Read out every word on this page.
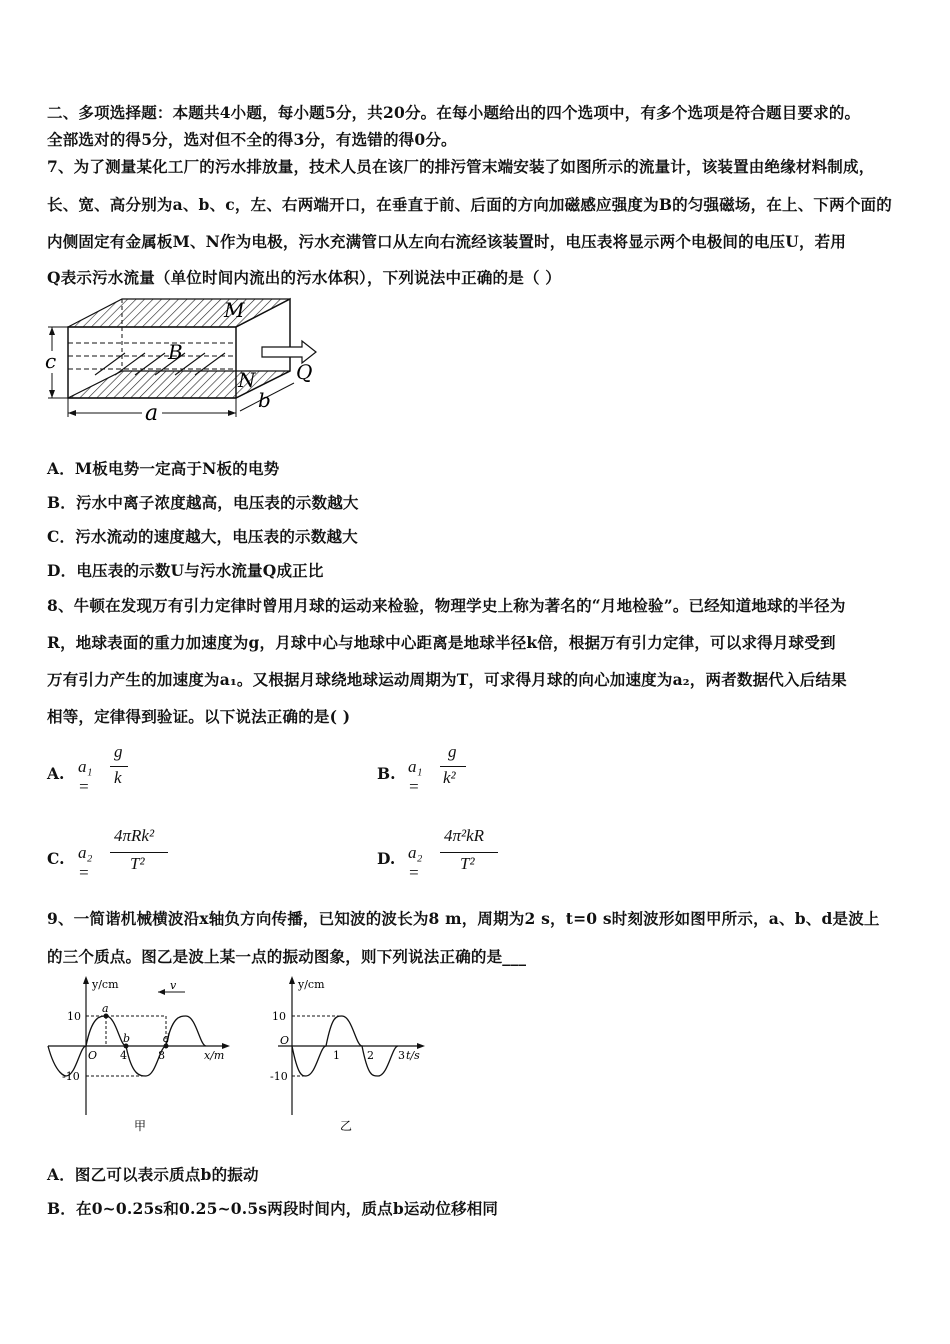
二、多项选择题：本题共4小题，每小题5分，共20分。在每小题给出的四个选项中，有多个选项是符合题目要求的。
全部选对的得5分，选对但不全的得3分，有选错的得0分。
7、为了测量某化工厂的污水排放量，技术人员在该厂的排污管末端安装了如图所示的流量计，该装置由绝缘材料制成，
长、宽、高分别为a、b、c，左、右两端开口，在垂直于前、后面的方向加磁感应强度为B的匀强磁场，在上、下两个面的
内侧固定有金属板M、N作为电极，污水充满管口从左向右流经该装置时，电压表将显示两个电极间的电压U，若用
Q表示污水流量（单位时间内流出的污水体积），下列说法中正确的是（ ）
M
B
N Q
c
a
b
A．M板电势一定高于N板的电势
B．污水中离子浓度越高，电压表的示数越大
C．污水流动的速度越大，电压表的示数越大
D．电压表的示数U与污水流量Q成正比
8、牛顿在发现万有引力定律时曾用月球的运动来检验，物理学史上称为著名的“月地检验”。已经知道地球的半径为
R，地球表面的重力加速度为g，月球中心与地球中心距离是地球半径k倍，根据万有引力定律，可以求得月球受到
万有引力产生的加速度为a₁。又根据月球绕地球运动周期为T，可求得月球的向心加速度为a₂，两者数据代入后结果
相等，定律得到验证。以下说法正确的是( )
A. a₁ =
g
k	B. a₁ =
g
k²
C. a₂ =
4πRk²
T²	D. a₂ =
4π²kR
T²
9、一简谐机械横波沿x轴负方向传播，已知波的波长为8 m，周期为2 s，t=0 s时刻波形如图甲所示，a、b、d是波上
的三个质点。图乙是波上某一点的振动图象，则下列说法正确的是___
y/cm
x/m
10
-10
O 4	8
a
b	d
v
甲
y/cm
t/s
10
-10
O
1 2 3
乙
A．图乙可以表示质点b的振动
B．在0~0.25s和0.25~0.5s两段时间内，质点b运动位移相同
